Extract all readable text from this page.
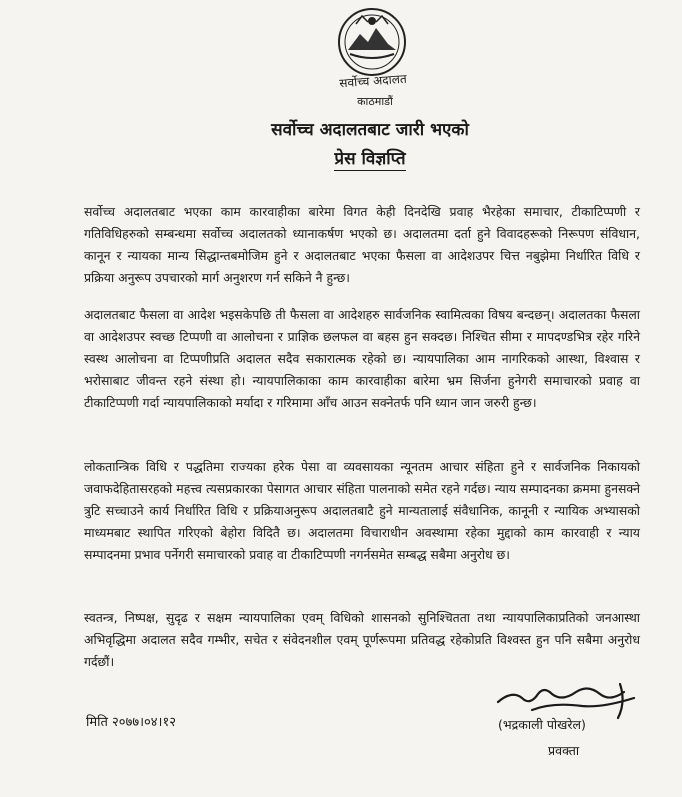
सर्वोच्च अदालत
काठमाडौं
सर्वोच्च अदालतबाट जारी भएको
प्रेस विज्ञप्ति

सर्वोच्च अदालतबाट भएका काम कारवाहीका बारेमा विगत केही दिनदेखि प्रवाह भैरहेका समाचार, टीकाटिप्पणी र गतिविधिहरुको सम्बन्धमा सर्वोच्च अदालतको ध्यानाकर्षण भएको छ। अदालतमा दर्ता हुने विवादहरूको निरूपण संविधान, कानून र न्यायका मान्य सिद्धान्तबमोजिम हुने र अदालतबाट भएका फैसला वा आदेशउपर चित्त नबुझेमा निर्धारित विधि र प्रक्रिया अनुरूप उपचारको मार्ग अनुशरण गर्न सकिने नै हुन्छ।

अदालतबाट फैसला वा आदेश भइसकेपछि ती फैसला वा आदेशहरु सार्वजनिक स्वामित्वका विषय बन्दछन्। अदालतका फैसला वा आदेशउपर स्वच्छ टिप्पणी वा आलोचना र प्राज्ञिक छलफल वा बहस हुन सक्दछ। निश्चित सीमा र मापदण्डभित्र रहेर गरिने स्वस्थ आलोचना वा टिप्पणीप्रति अदालत सदैव सकारात्मक रहेको छ। न्यायपालिका आम नागरिकको आस्था, विश्वास र भरोसाबाट जीवन्त रहने संस्था हो। न्यायपालिकाका काम कारवाहीका बारेमा भ्रम सिर्जना हुनेगरी समाचारको प्रवाह वा टीकाटिप्पणी गर्दा न्यायपालिकाको मर्यादा र गरिमामा आँच आउन सक्नेतर्फ पनि ध्यान जान जरुरी हुन्छ।

लोकतान्त्रिक विधि र पद्धतिमा राज्यका हरेक पेसा वा व्यवसायका न्यूनतम आचार संहिता हुने र सार्वजनिक निकायको जवाफदेहितासरहको महत्त्व त्यसप्रकारका पेसागत आचार संहिता पालनाको समेत रहने गर्दछ। न्याय सम्पादनका क्रममा हुनसक्ने त्रुटि सच्चाउने कार्य निर्धारित विधि र प्रक्रियाअनुरूप अदालतबाटै हुने मान्यतालाई संवैधानिक, कानूनी र न्यायिक अभ्यासको माध्यमबाट स्थापित गरिएको बेहोरा विदितै छ। अदालतमा विचाराधीन अवस्थामा रहेका मुद्दाको काम कारवाही र न्याय सम्पादनमा प्रभाव पर्नेगरी समाचारको प्रवाह वा टीकाटिप्पणी नगर्नसमेत सम्बद्ध सबैमा अनुरोध छ।

स्वतन्त्र, निष्पक्ष, सुदृढ र सक्षम न्यायपालिका एवम् विधिको शासनको सुनिश्चितता तथा न्यायपालिकाप्रतिको जनआस्था अभिवृद्धिमा अदालत सदैव गम्भीर, सचेत र संवेदनशील एवम् पूर्णरूपमा प्रतिवद्ध रहेकोप्रति विश्वस्त हुन पनि सबैमा अनुरोध गर्दछौं।

मिति २०७७।०४।१२	(भद्रकाली पोखरेल)
प्रवक्ता
